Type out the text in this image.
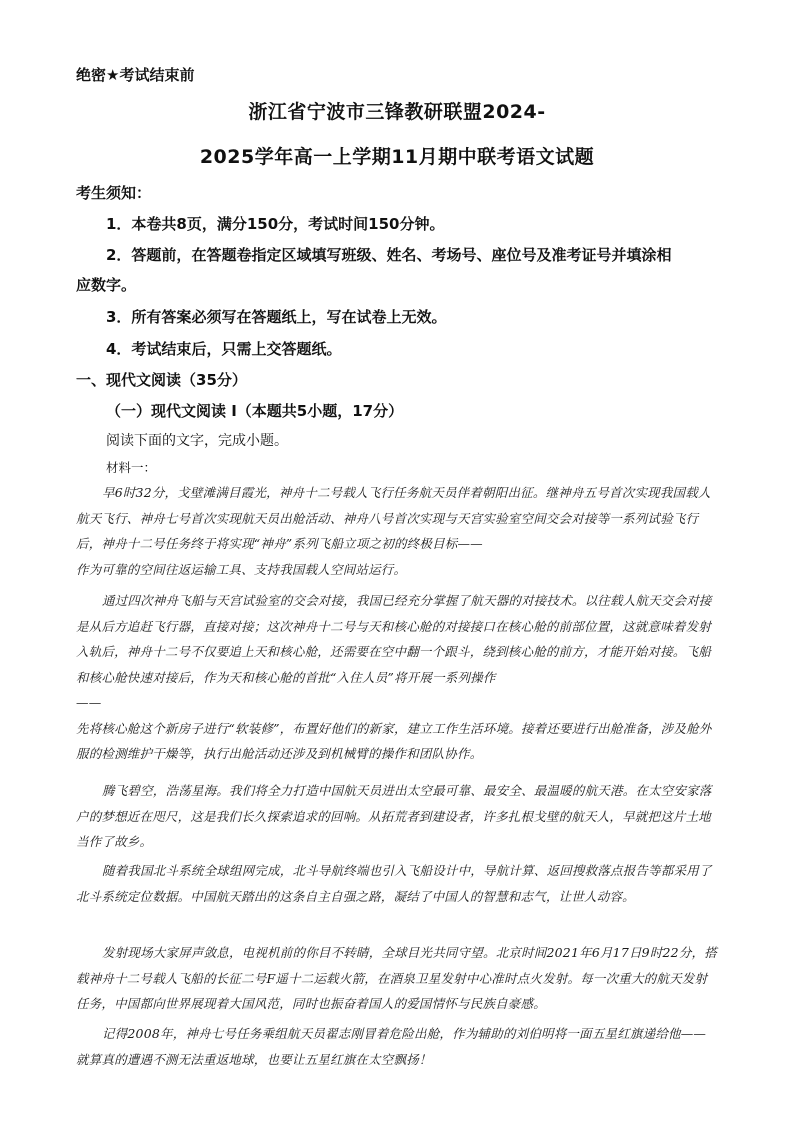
绝密★考试结束前
浙江省宁波市三锋教研联盟2024-
2025学年高一上学期11月期中联考语文试题
考生须知：
1．本卷共8页，满分150分，考试时间150分钟。
2．答题前，在答题卷指定区域填写班级、姓名、考场号、座位号及准考证号并填涂相
应数字。
3．所有答案必须写在答题纸上，写在试卷上无效。
4．考试结束后，只需上交答题纸。
一、现代文阅读（35分）
（一）现代文阅读 I（本题共5小题，17分）
阅读下面的文字，完成小题。
材料一：

早6时32分，戈壁滩满目霞光，神舟十二号载人飞行任务航天员伴着朝阳出征。继神舟五号首次实现我国载人航天飞行、神舟七号首次实现航天员出舱活动、神舟八号首次实现与天宫实验室空间交会对接等一系列试验飞行后，神舟十二号任务终于将实现“神舟”系列飞船立项之初的终极目标——

作为可靠的空间往返运输工具、支持我国载人空间站运行。

通过四次神舟飞船与天宫试验室的交会对接，我国已经充分掌握了航天器的对接技术。以往载人航天交会对接是从后方追赶飞行器，直接对接；这次神舟十二号与天和核心舱的对接接口在核心舱的前部位置，这就意味着发射入轨后，神舟十二号不仅要追上天和核心舱，还需要在空中翻一个跟斗，绕到核心舱的前方，才能开始对接。飞船和核心舱快速对接后，作为天和核心舱的首批“入住人员”将开展一系列操作

——

先将核心舱这个新房子进行“软装修”，布置好他们的新家，建立工作生活环境。接着还要进行出舱准备，涉及舱外服的检测维护干燥等，执行出舱活动还涉及到机械臂的操作和团队协作。

腾飞碧空，浩荡星海。我们将全力打造中国航天员进出太空最可靠、最安全、最温暖的航天港。在太空安家落户的梦想近在咫尺，这是我们长久探索追求的回响。从拓荒者到建设者，许多扎根戈壁的航天人，早就把这片土地当作了故乡。

随着我国北斗系统全球组网完成，北斗导航终端也引入飞船设计中，导航计算、返回搜救落点报告等都采用了北斗系统定位数据。中国航天踏出的这条自主自强之路，凝结了中国人的智慧和志气，让世人动容。

发射现场大家屏声敛息，电视机前的你目不转睛，全球目光共同守望。北京时间2021年6月17日9时22分，搭载神舟十二号载人飞船的长征二号F遥十二运载火箭，在酒泉卫星发射中心准时点火发射。每一次重大的航天发射任务，中国都向世界展现着大国风范，同时也振奋着国人的爱国情怀与民族自豪感。

记得2008年，神舟七号任务乘组航天员翟志刚冒着危险出舱，作为辅助的刘伯明将一面五星红旗递给他——就算真的遭遇不测无法重返地球，也要让五星红旗在太空飘扬！
